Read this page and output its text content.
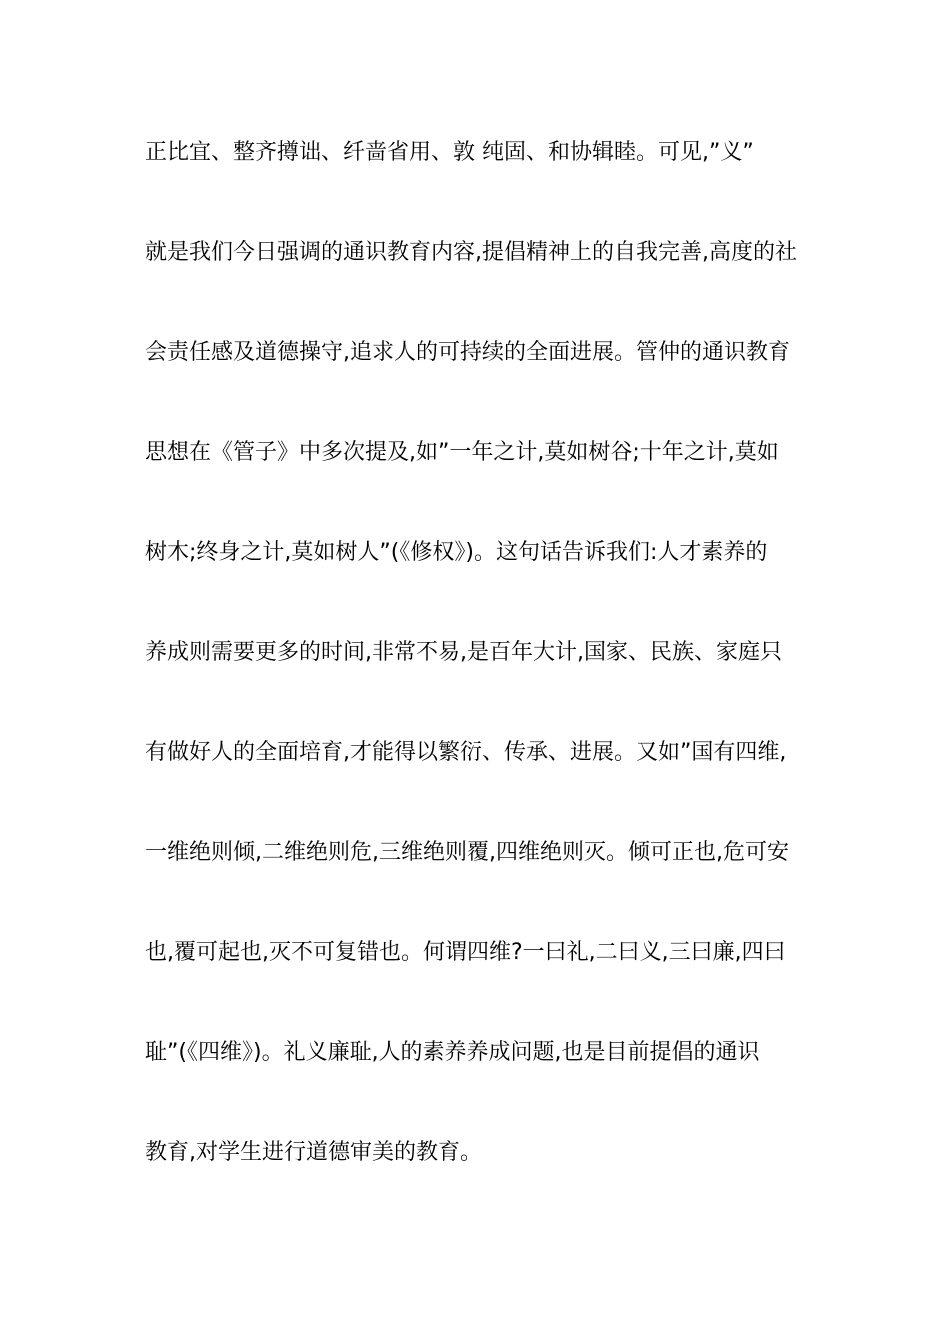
正比宜、整齐撙诎、纤啬省用、敦 纯固、和协辑睦。可见,”义”
就是我们今日强调的通识教育内容,提倡精神上的自我完善,高度的社
会责任感及道德操守,追求人的可持续的全面进展。管仲的通识教育
思想在《管子》中多次提及,如”一年之计,莫如树谷;十年之计,莫如
树木;终身之计,莫如树人”(《修权》)。这句话告诉我们:人才素养的
养成则需要更多的时间,非常不易,是百年大计,国家、民族、家庭只
有做好人的全面培育,才能得以繁衍、传承、进展。又如”国有四维,
一维绝则倾,二维绝则危,三维绝则覆,四维绝则灭。倾可正也,危可安
也,覆可起也,灭不可复错也。何谓四维?一曰礼,二曰义,三曰廉,四曰
耻”(《四维》)。礼义廉耻,人的素养养成问题,也是目前提倡的通识
教育,对学生进行道德审美的教育。
